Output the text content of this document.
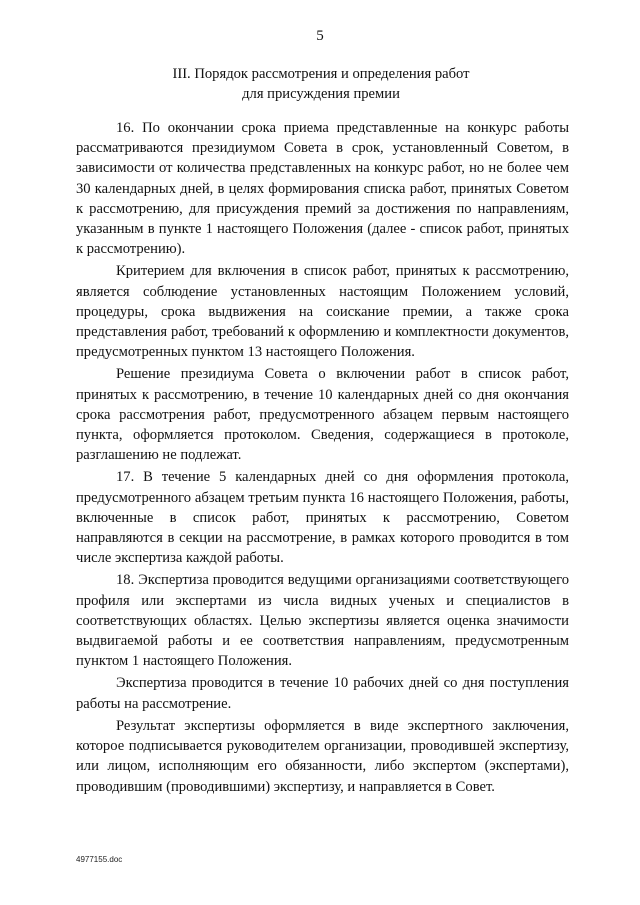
5
III. Порядок рассмотрения и определения работ
для присуждения премии

16. По окончании срока приема представленные на конкурс работы рассматриваются президиумом Совета в срок, установленный Советом, в зависимости от количества представленных на конкурс работ, но не более чем 30 календарных дней, в целях формирования списка работ, принятых Советом к рассмотрению, для присуждения премий за достижения по направлениям, указанным в пункте 1 настоящего Положения (далее - список работ, принятых к рассмотрению).

Критерием для включения в список работ, принятых к рассмотрению, является соблюдение установленных настоящим Положением условий, процедуры, срока выдвижения на соискание премии, а также срока представления работ, требований к оформлению и комплектности документов, предусмотренных пунктом 13 настоящего Положения.

Решение президиума Совета о включении работ в список работ, принятых к рассмотрению, в течение 10 календарных дней со дня окончания срока рассмотрения работ, предусмотренного абзацем первым настоящего пункта, оформляется протоколом. Сведения, содержащиеся в протоколе, разглашению не подлежат.

17. В течение 5 календарных дней со дня оформления протокола, предусмотренного абзацем третьим пункта 16 настоящего Положения, работы, включенные в список работ, принятых к рассмотрению, Советом направляются в секции на рассмотрение, в рамках которого проводится в том числе экспертиза каждой работы.

18. Экспертиза проводится ведущими организациями соответствующего профиля или экспертами из числа видных ученых и специалистов в соответствующих областях. Целью экспертизы является оценка значимости выдвигаемой работы и ее соответствия направлениям, предусмотренным пунктом 1 настоящего Положения.

Экспертиза проводится в течение 10 рабочих дней со дня поступления работы на рассмотрение.

Результат экспертизы оформляется в виде экспертного заключения, которое подписывается руководителем организации, проводившей экспертизу, или лицом, исполняющим его обязанности, либо экспертом (экспертами), проводившим (проводившими) экспертизу, и направляется в Совет.

4977155.doc
